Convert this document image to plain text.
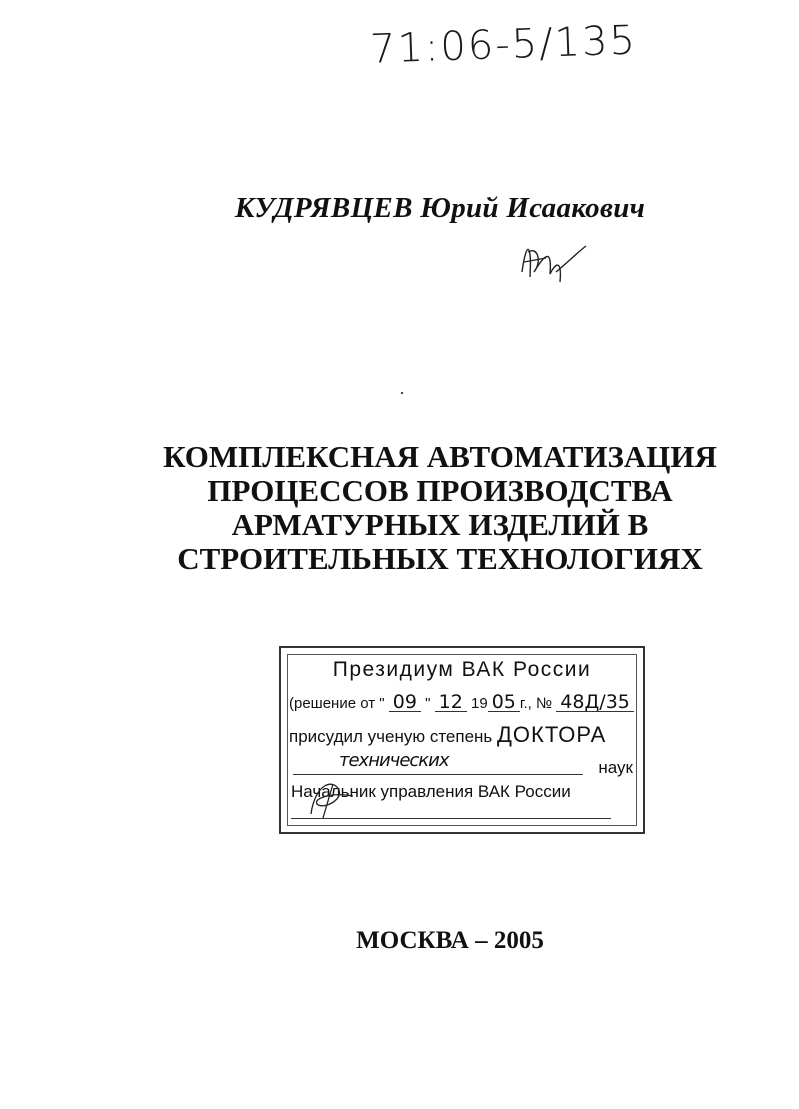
71:06-5/135
КУДРЯВЦЕВ Юрий Исаакович
КОМПЛЕКСНАЯ АВТОМАТИЗАЦИЯ
ПРОЦЕССОВ ПРОИЗВОДСТВА
АРМАТУРНЫХ ИЗДЕЛИЙ В
СТРОИТЕЛЬНЫХ ТЕХНОЛОГИЯХ
Президиум ВАК России
(решение от " 09 " 12 19 05 г., № 48Д/35
присудил ученую степень ДОКТОРА
технических	наук
Начальник управления ВАК России
МОСКВА – 2005
